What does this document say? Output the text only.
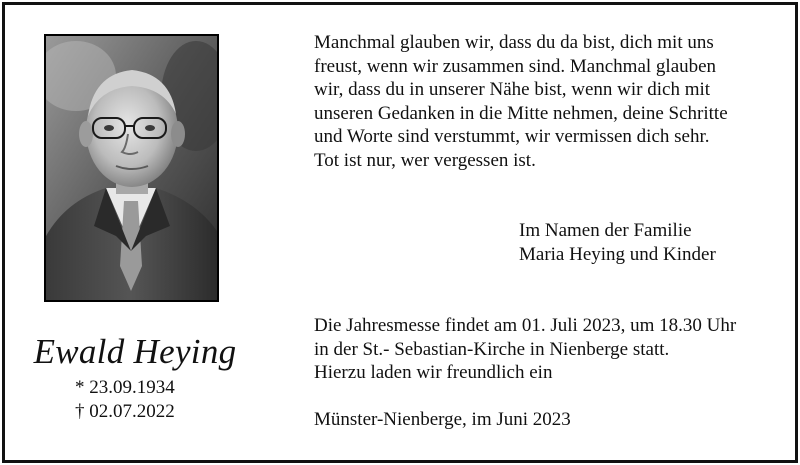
Ewald Heying
* 23.09.1934
† 02.07.2022
Manchmal glauben wir, dass du da bist, dich mit uns
freust, wenn wir zusammen sind. Manchmal glauben
wir, dass du in unserer Nähe bist, wenn wir dich mit
unseren Gedanken in die Mitte nehmen, deine Schritte
und Worte sind verstummt, wir vermissen dich sehr.
Tot ist nur, wer vergessen ist.
Im Namen der Familie
Maria Heying und Kinder
Die Jahresmesse findet am 01. Juli 2023, um 18.30 Uhr
in der St.- Sebastian-Kirche in Nienberge statt.
Hierzu laden wir freundlich ein
Münster-Nienberge, im Juni 2023
